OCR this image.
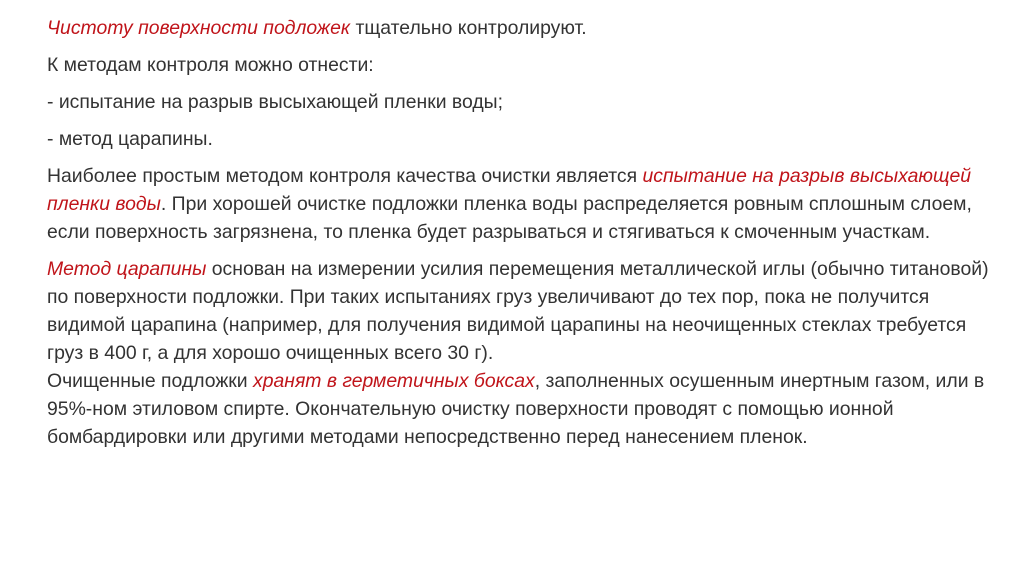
Чистоту поверхности подложек тщательно контролируют.

К методам контроля можно отнести:

- испытание на разрыв высыхающей пленки воды;

- метод царапины.

Наиболее простым методом контроля качества очистки является испытание на разрыв высыхающей пленки воды. При хорошей очистке подложки пленка воды распределяется ровным сплошным слоем, если поверхность загрязнена, то пленка будет разрываться и стягиваться к смоченным участкам.

Метод царапины основан на измерении усилия перемещения металлической иглы (обычно титановой) по поверхности подложки. При таких испытаниях груз увеличивают до тех пор, пока не получится видимой царапина (например, для получения видимой царапины на неочищенных стеклах требуется груз в 400 г, а для хорошо очищенных всего 30 г).

Очищенные подложки хранят в герметичных боксах, заполненных осушенным инертным газом, или в 95%-ном этиловом спирте. Окончательную очистку поверхности проводят с помощью ионной бомбардировки или другими методами непосредственно перед нанесением пленок.
